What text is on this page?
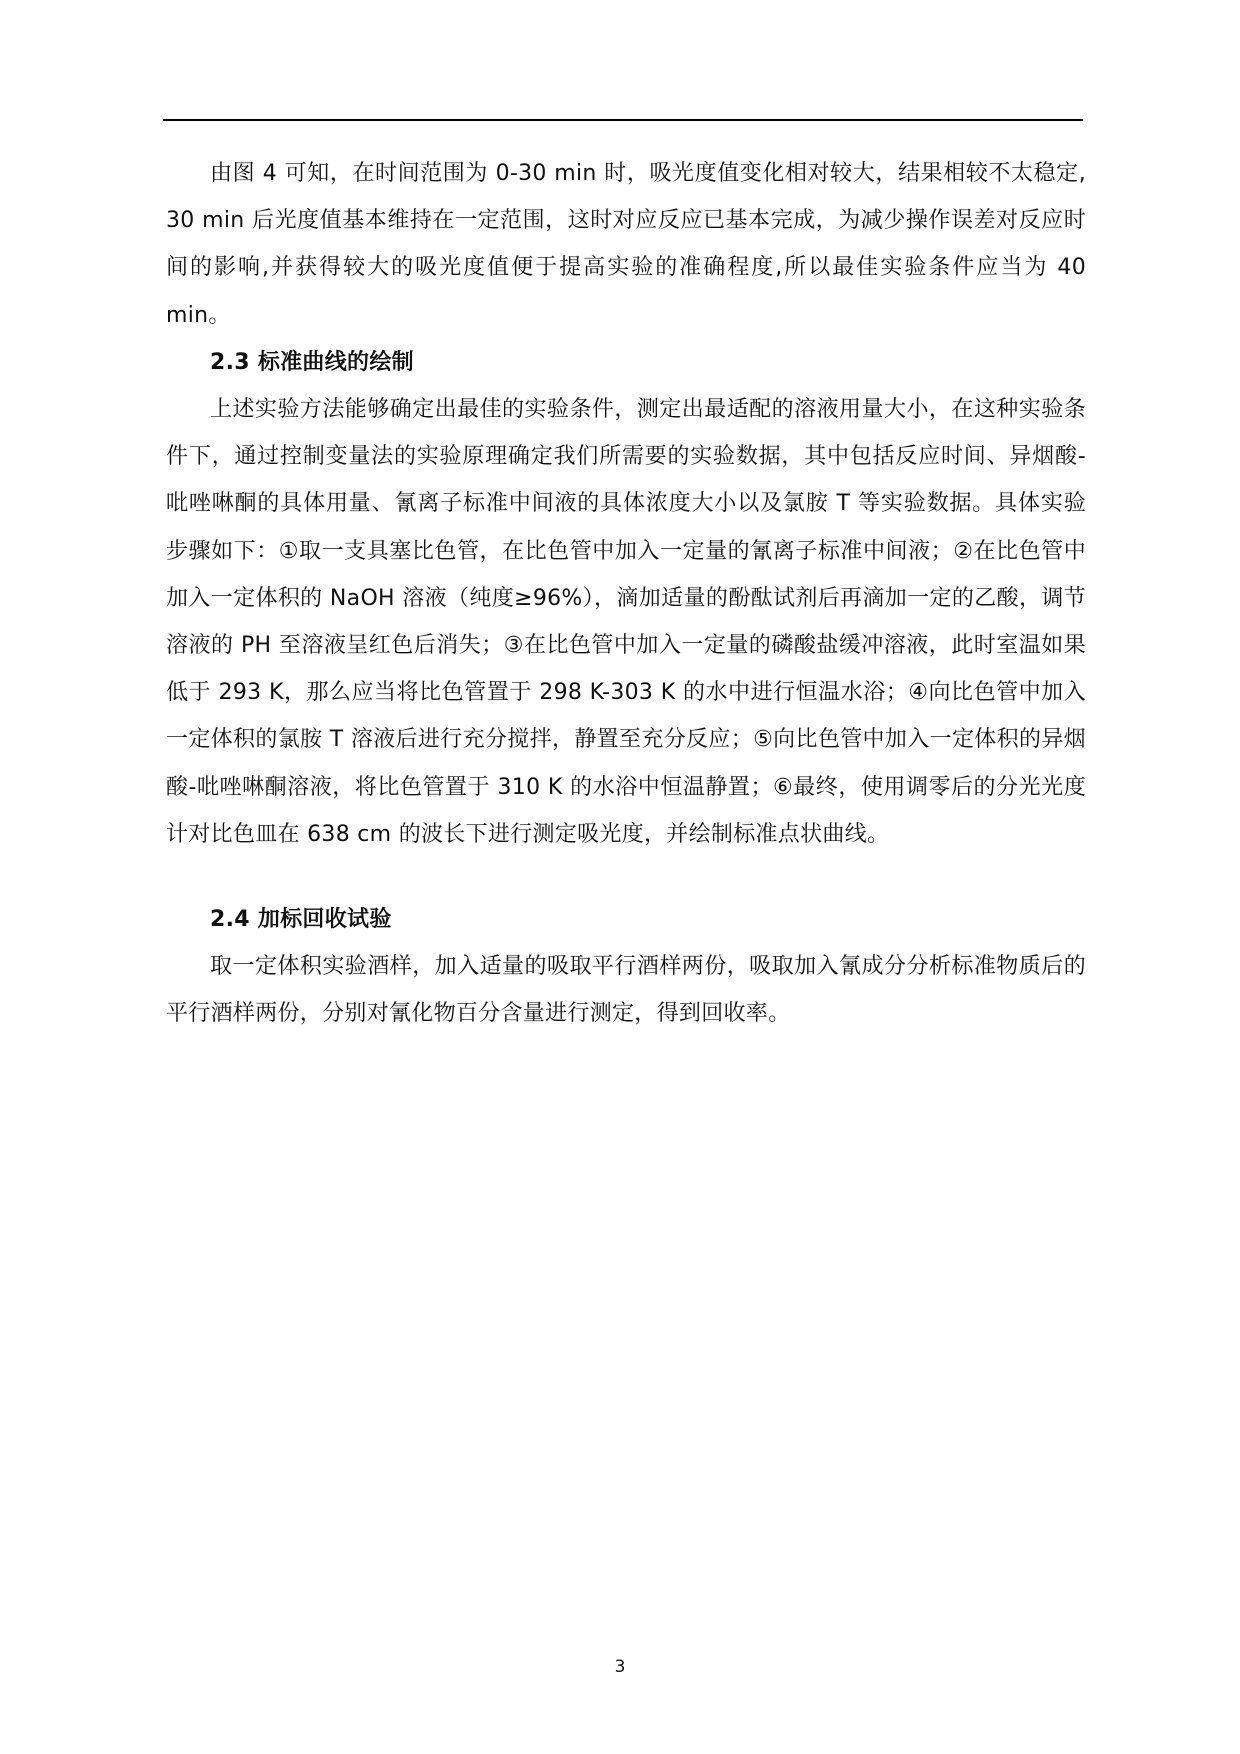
由图 4 可知，在时间范围为 0-30 min 时，吸光度值变化相对较大，结果相较不太稳定, 30 min 后光度值基本维持在一定范围，这时对应反应已基本完成，为减少操作误差对反应时间的影响,并获得较大的吸光度值便于提高实验的准确程度,所以最佳实验条件应当为 40 min。

2.3 标准曲线的绘制

上述实验方法能够确定出最佳的实验条件，测定出最适配的溶液用量大小，在这种实验条件下，通过控制变量法的实验原理确定我们所需要的实验数据，其中包括反应时间、异烟酸-吡唑啉酮的具体用量、氰离子标准中间液的具体浓度大小以及氯胺 T 等实验数据。具体实验步骤如下：①取一支具塞比色管，在比色管中加入一定量的氰离子标准中间液；②在比色管中加入一定体积的 NaOH 溶液（纯度≥96%），滴加适量的酚酞试剂后再滴加一定的乙酸，调节溶液的 PH 至溶液呈红色后消失；③在比色管中加入一定量的磷酸盐缓冲溶液，此时室温如果低于 293 K，那么应当将比色管置于 298 K-303 K 的水中进行恒温水浴；④向比色管中加入一定体积的氯胺 T 溶液后进行充分搅拌，静置至充分反应；⑤向比色管中加入一定体积的异烟酸-吡唑啉酮溶液，将比色管置于 310 K 的水浴中恒温静置；⑥最终，使用调零后的分光光度计对比色皿在 638 cm 的波长下进行测定吸光度，并绘制标准点状曲线。

2.4 加标回收试验

取一定体积实验酒样，加入适量的吸取平行酒样两份，吸取加入氰成分分析标准物质后的平行酒样两份，分别对氰化物百分含量进行测定，得到回收率。

3
